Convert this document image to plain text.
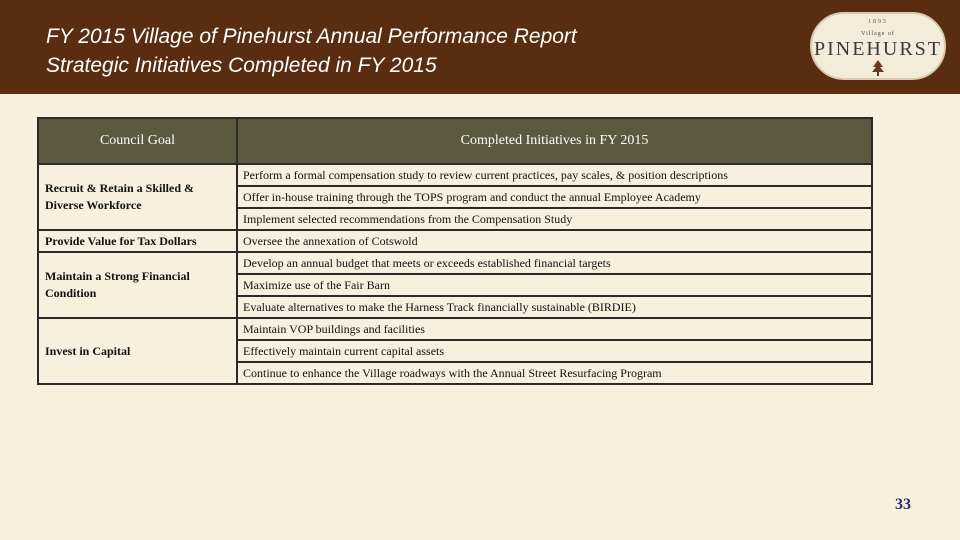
FY 2015 Village of Pinehurst Annual Performance Report
Strategic Initiatives Completed in FY 2015
1895
Village of
PINEHURST
Council Goal	Completed Initiatives in FY 2015
Recruit & Retain a Skilled & Diverse Workforce	Perform a formal compensation study to review current practices, pay scales, & position descriptions
	Offer in-house training through the TOPS program and conduct the annual Employee Academy
	Implement selected recommendations from the Compensation Study
Provide Value for Tax Dollars	Oversee the annexation of Cotswold
Maintain a Strong Financial Condition	Develop an annual budget that meets or exceeds established financial targets
	Maximize use of the Fair Barn
	Evaluate alternatives to make the Harness Track financially sustainable (BIRDIE)
Invest in Capital	Maintain VOP buildings and facilities
	Effectively maintain current capital assets
	Continue to enhance the Village roadways with the Annual Street Resurfacing Program
33
